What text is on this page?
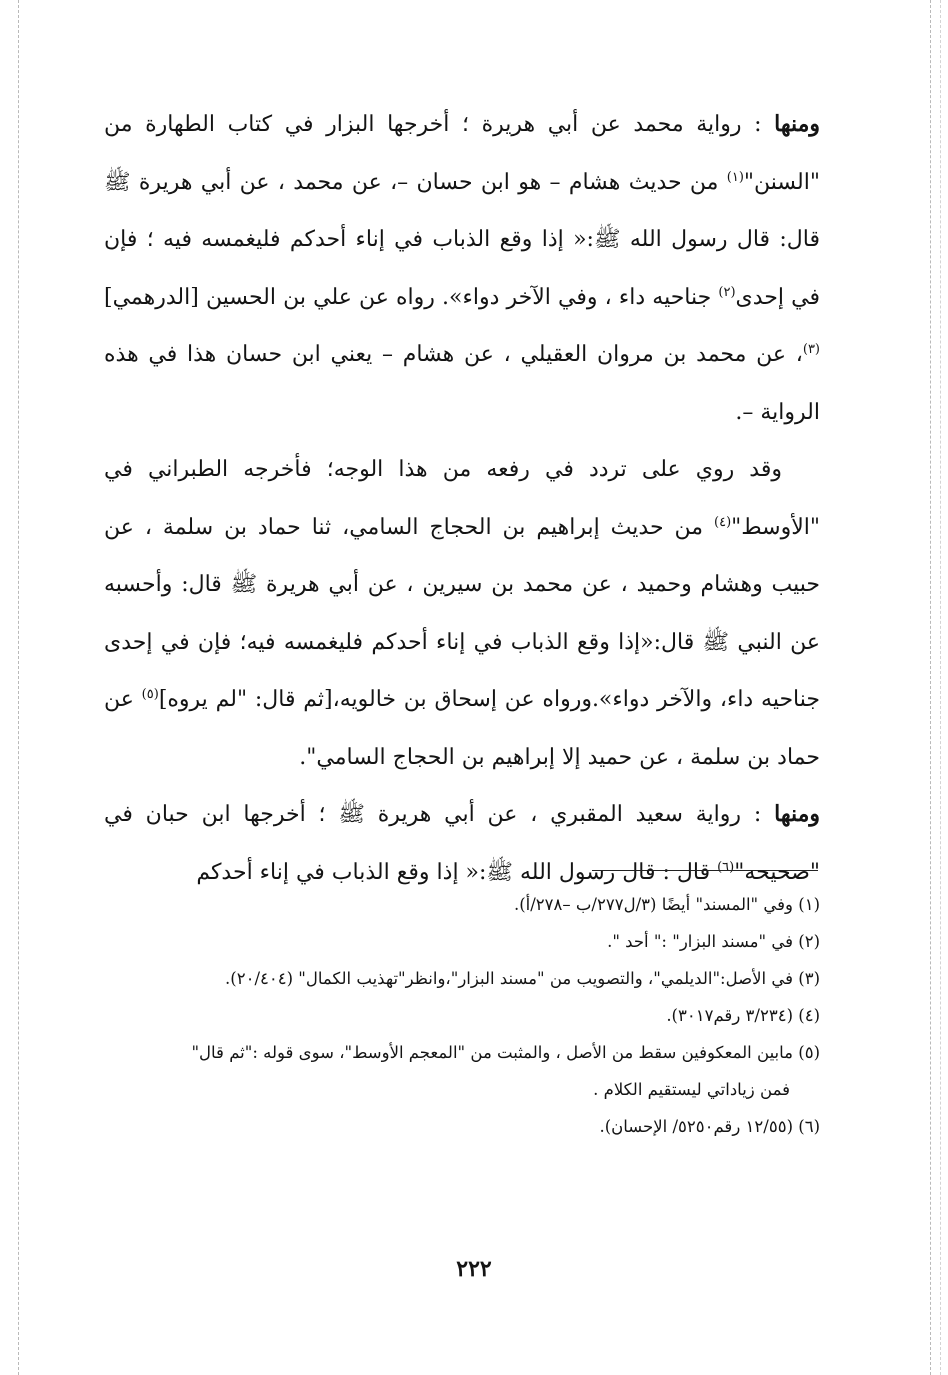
ومنها : رواية محمد عن أبي هريرة ؛ أخرجها البزار في كتاب الطهارة من "السنن"$^{(١)}$ من حديث هشام – هو ابن حسان –، عن محمد ، عن أبي هريرة ﷺ قال: قال رسول الله ﷺ:« إذا وقع الذباب في إناء أحدكم فليغمسه فيه ؛ فإن في إحدى$^{(٢)}$ جناحيه داء ، وفي الآخر دواء». رواه عن علي بن الحسين [الدرهمي]$^{(٣)}$، عن محمد بن مروان العقيلي ، عن هشام – يعني ابن حسان هذا في هذه الرواية –.

وقد روي على تردد في رفعه من هذا الوجه؛ فأخرجه الطبراني في "الأوسط"$^{(٤)}$ من حديث إبراهيم بن الحجاج السامي، ثنا حماد بن سلمة ، عن حبيب وهشام وحميد ، عن محمد بن سيرين ، عن أبي هريرة ﷺ قال: وأحسبه عن النبي ﷺ قال:«إذا وقع الذباب في إناء أحدكم فليغمسه فيه؛ فإن في إحدى جناحيه داء، والآخر دواء».ورواه عن إسحاق بن خالويه،[ثم قال: "لم يروه]$^{(٥)}$ عن حماد بن سلمة ، عن حميد إلا إبراهيم بن الحجاج السامي".

ومنها : رواية سعيد المقبري ، عن أبي هريرة ﷺ ؛ أخرجها ابن حبان في "صحيحه"$^{(٦)}$ قال : قال رسول الله ﷺ:« إذا وقع الذباب في إناء أحدكم

(١) وفي "المسند" أيضًا (٣/ل٢٧٧/ب –٢٧٨/أ).

(٢) في "مسند البزار" :" أحد ".

(٣) في الأصل:"الديلمي"، والتصويب من "مسند البزار"،وانظر"تهذيب الكمال" (٢٠/٤٠٤).

(٤) (٣/٢٣٤ رقم٣٠١٧).

(٥) مابين المعكوفين سقط من الأصل ، والمثبت من "المعجم الأوسط"، سوى قوله :"ثم قال"

فمن زياداتي ليستقيم الكلام .

(٦) (١٢/٥٥ رقم٥٢٥٠/ الإحسان).

٢٢٢
